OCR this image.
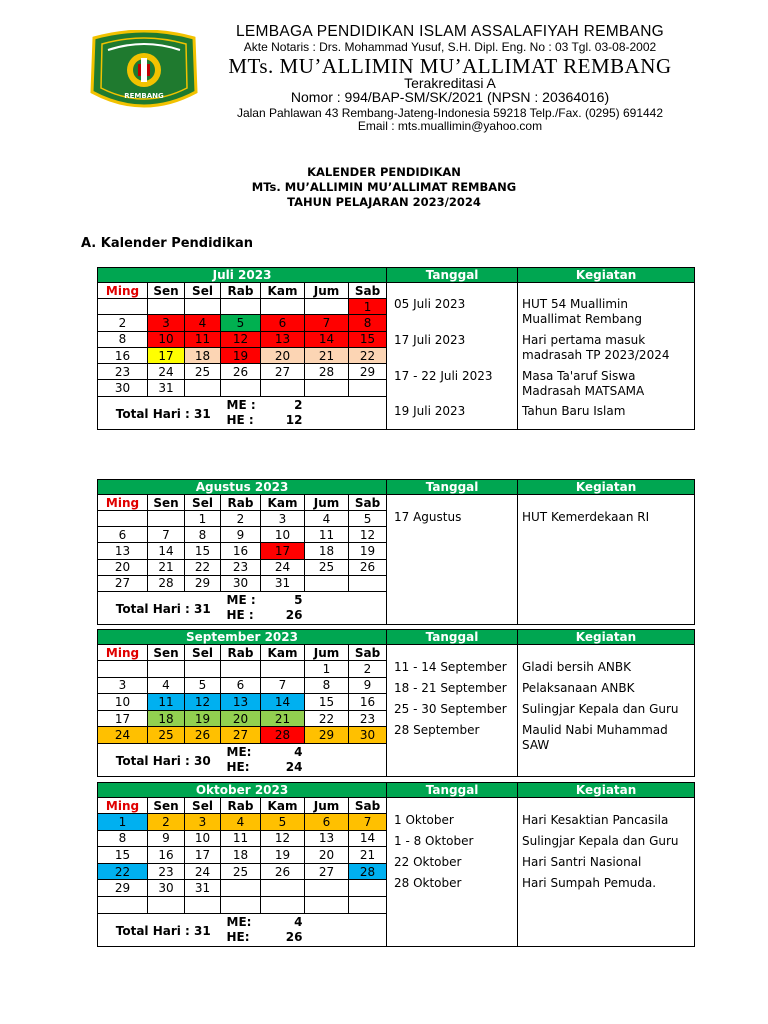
REMBANG
LEMBAGA PENDIDIKAN ISLAM ASSALAFIYAH REMBANG
Akte Notaris : Drs. Mohammad Yusuf, S.H. Dipl. Eng. No : 03 Tgl. 03-08-2002
MTs. MU’ALLIMIN MU’ALLIMAT REMBANG
Terakreditasi A
Nomor : 994/BAP-SM/SK/2021 (NPSN : 20364016)
Jalan Pahlawan 43 Rembang-Jateng-Indonesia 59218 Telp./Fax. (0295) 691442
Email : mts.muallimin@yahoo.com
KALENDER PENDIDIKAN
MTs. MU’ALLIMIN MU’ALLIMAT REMBANG
TAHUN PELAJARAN 2023/2024
A. Kalender Pendidikan
Juli 2023							Tanggal	Kegiatan
Ming	Sen	Sel	Rab	Kam	Jum	Sab		
						1		
2	3	4	5	6	7	8		
8	10	11	12	13	14	15		
16	17	18	19	20	21	22		
23	24	25	26	27	28	29		
30	31							

Total Hari : 31			ME : 2
HE : 12					
05 Juli 2023	HUT 54 Muallimin
Muallimat Rembang
17 Juli 2023	Hari pertama masuk
madrasah TP 2023/2024
17 - 22 Juli 2023 Masa Ta'aruf Siswa
Madrasah MATSAMA
19 Juli 2023	Tahun Baru Islam
Agustus 2023							Tanggal	Kegiatan
Ming	Sen	Sel	Rab	Kam	Jum	Sab		
		1	2	3	4	5		
6	7	8	9	10	11	12		
13	14	15	16	17	18	19		
20	21	22	23	24	25	26		
27	28	29	30	31				

Total Hari : 31			ME : 5
HE : 26					
17 Agustus	HUT Kemerdekaan RI
September 2023							Tanggal	Kegiatan
Ming	Sen	Sel	Rab	Kam	Jum	Sab		
					1	2		
3	4	5	6	7	8	9		
10	11	12	13	14	15	16		
17	18	19	20	21	22	23		
24	25	26	27	28	29	30		

Total Hari : 30			ME: 4
HE: 24					
11 - 14 September Gladi bersih ANBK
18 - 21 September Pelaksanaan ANBK
25 - 30 September Sulingjar Kepala dan Guru
28 September	Maulid Nabi Muhammad
SAW
Oktober 2023							Tanggal	Kegiatan
Ming	Sen	Sel	Rab	Kam	Jum	Sab		
1	2	3	4	5	6	7		
8	9	10	11	12	13	14		
15	16	17	18	19	20	21		
22	23	24	25	26	27	28		
29	30	31						

Total Hari : 31			ME: 4
HE: 26					
1 Oktober	Hari Kesaktian Pancasila
1 - 8 Oktober	Sulingjar Kepala dan Guru
22 Oktober	Hari Santri Nasional
28 Oktober	Hari Sumpah Pemuda.
